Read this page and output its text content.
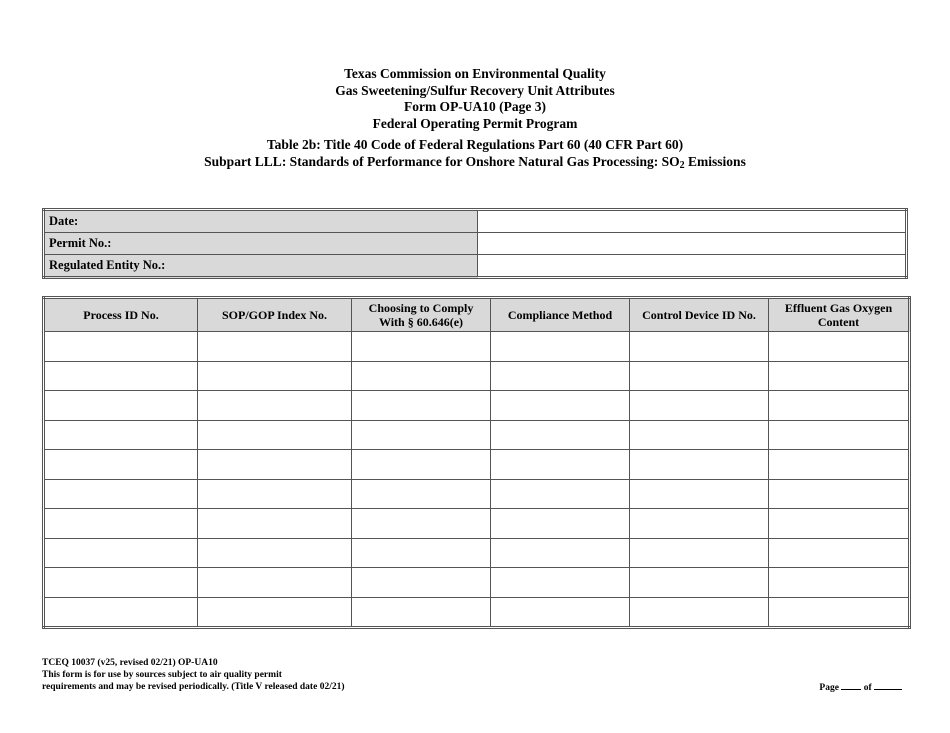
Texas Commission on Environmental Quality
Gas Sweetening/Sulfur Recovery Unit Attributes
Form OP-UA10 (Page 3)
Federal Operating Permit Program
Table 2b: Title 40 Code of Federal Regulations Part 60 (40 CFR Part 60)
Subpart LLL: Standards of Performance for Onshore Natural Gas Processing: $SO_2$ Emissions
Date:	
Permit No.:	
Regulated Entity No.:	
Process ID No.	SOP/GOP Index No.	Choosing to Comply With § 60.646(e)	Compliance Method	Control Device ID No.	Effluent Gas Oxygen Content

TCEQ 10037 (v25, revised 02/21) OP-UA10
This form is for use by sources subject to air quality permit
requirements and may be revised periodically. (Title V released date 02/21)	Page	of
